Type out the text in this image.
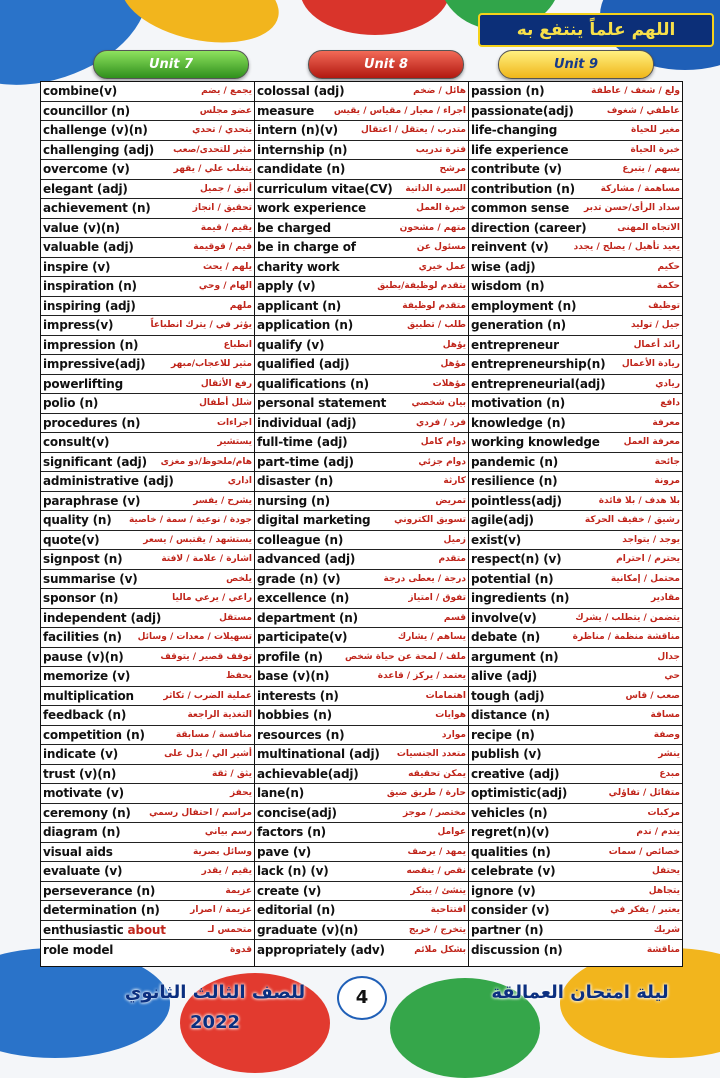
اللهم علماً ينتفع به
Unit 7	Unit 8	Unit 9
combine(v)	يجمع / يضم
councillor (n)	عضو مجلس
challenge (v)(n)	يتحدي / تحدي
challenging (adj) مثير للتحدى/صعب
overcome (v)	يتغلب علي / يقهر
elegant (adj)	أنيق / جميل
achievement (n)	تحقيق / انجاز
value (v)(n)	يقيم / قيمة
valuable (adj)	قيم / قوقيمة
inspire (v)	يلهم / يحث
inspiration (n)	الهام / وحي
inspiring (adj)	ملهم
impress(v)	يؤثر في / يترك انطباعاً
impression (n)	انطباع
impressive(adj)	مثير للاعجاب/مبهر
powerlifting	رفع الأثقال
polio (n)	شلل أطفال
procedures (n)	اجراءات
consult(v)	يستشير
significant (adj) هام/ملحوظ/ذو مغزى
administrative (adj)	اداري
paraphrase (v)	يشرح / يفسر
quality (n) جودة / نوعية / سمة / خاصية
quote(v)	يستشهد / يقتبس / يسعر
signpost (n)	اشارة / علامة / لافتة
summarise (v)	يلخص
sponsor (n)	راعي / يرعي ماليا
independent (adj)	مستقل
facilities (n) تسهيلات / معدات / وسائل
pause (v)(n)	توقف قصير / يتوقف
memorize (v)	يحفظ
multiplication	عملية الضرب / تكاثر
feedback (n)	التغذية الراجعة
competition (n)	منافسة / مسابقة
indicate (v)	أشير الي / يدل على
trust (v)(n)	يثق / ثقة
motivate (v)	يحفز
ceremony (n) مراسم / احتفال رسمي
diagram (n)	رسم بياني
visual aids	وسائل بصرية
evaluate (v)	يقيم / يقدر
perseverance (n)	عزيمة
determination (n)	عزيمة / اصرار
enthusiastic about	متحمس لـ
role model	قدوة
colossal (adj)	هائل / ضخم
measure اجراء / معيار / مقياس / يقيس
intern (n)(v)	متدرب / يعتقل / اعتقال
internship (n)	فترة تدريب
candidate (n)	مرشح
curriculum vitae(CV) السيرة الذاتية
work experience	خبرة العمل
be charged	متهم / مشحون
be in charge of	مسئول عن
charity work	عمل خيري
apply (v)	يتقدم لوظيفة/يطبق
applicant (n)	متقدم لوظيفة
application (n)	طلب / تطبيق
qualify (v)	يؤهل
qualified (adj)	مؤهل
qualifications (n)	مؤهلات
personal statement	بيان شخصي
individual (adj)	فرد / فردي
full-time (adj)	دوام كامل
part-time (adj)	دوام جزئي
disaster (n)	كارثة
nursing (n)	تمريض
digital marketing	تسويق الكتروني
colleague (n)	زميل
advanced (adj)	متقدم
grade (n) (v)	درجة / يعطى درجة
excellence (n)	تفوق / امتياز
department (n)	قسم
participate(v)	يساهم / يشارك
profile (n) ملف / لمحة عن حياة شخص
base (v)(n)	يعتمد / يركز / قاعدة
interests (n)	اهتمامات
hobbies (n)	هوايات
resources (n)	موارد
multinational (adj) متعدد الجنسيات
achievable(adj)	يمكن تحقيقه
lane(n)	حارة / طريق ضيق
concise(adj)	مختصر / موجز
factors (n)	عوامل
pave (v)	يمهد / يرصف
lack (n) (v)	نقص / ينقصه
create (v)	ينشئ / يبتكر
editorial (n)	افتتاحية
graduate (v)(n)	يتخرج / خريج
appropriately (adv)	بشكل ملائم
passion (n)	ولع / شغف / عاطفة
passionate(adj)	عاطفي / شغوف
life-changing	مغير للحياة
life experience	خبرة الحياة
contribute (v)	يسهم / يتبرع
contribution (n)	مساهمة / مشاركة
common sense سداد الرأى/حسن تدبر
direction (career)	الاتجاه المهنى
reinvent (v)	يعيد تأهيل / يصلح / يجدد
wise (adj)	حكيم
wisdom (n)	حكمة
employment (n)	توظيف
generation (n)	جيل / توليد
entrepreneur	رائد أعمال
entrepreneurship(n) ريادة الأعمال
entrepreneurial(adj)	ريادي
motivation (n)	دافع
knowledge (n)	معرفة
working knowledge	معرفة العمل
pandemic (n)	جائحة
resilience (n)	مرونة
pointless(adj)	بلا هدف / بلا فائدة
agile(adj)	رشيق / خفيف الحركة
exist(v)	يوجد / يتواجد
respect(n) (v)	يحترم / احترام
potential (n)	محتمل / إمكانية
ingredients (n)	مقادير
involve(v)	يتضمن / يتطلب / يشرك
debate (n)	مناقشة منظمة / مناظرة
argument (n)	جدال
alive (adj)	حي
tough (adj)	صعب / قاس
distance (n)	مسافة
recipe (n)	وصفة
publish (v)	ينشر
creative (adj)	مبدع
optimistic(adj)	متفائل / تفاؤلي
vehicles (n)	مركبات
regret(n)(v)	يندم / ندم
qualities (n)	خصائص / سمات
celebrate (v)	يحتفل
ignore (v)	يتجاهل
consider (v)	يعتبر / يفكر في
partner (n)	شريك
discussion (n)	مناقشة
للصف الثالث الثانوي 2022
4	ليلة امتحان العمالقة
